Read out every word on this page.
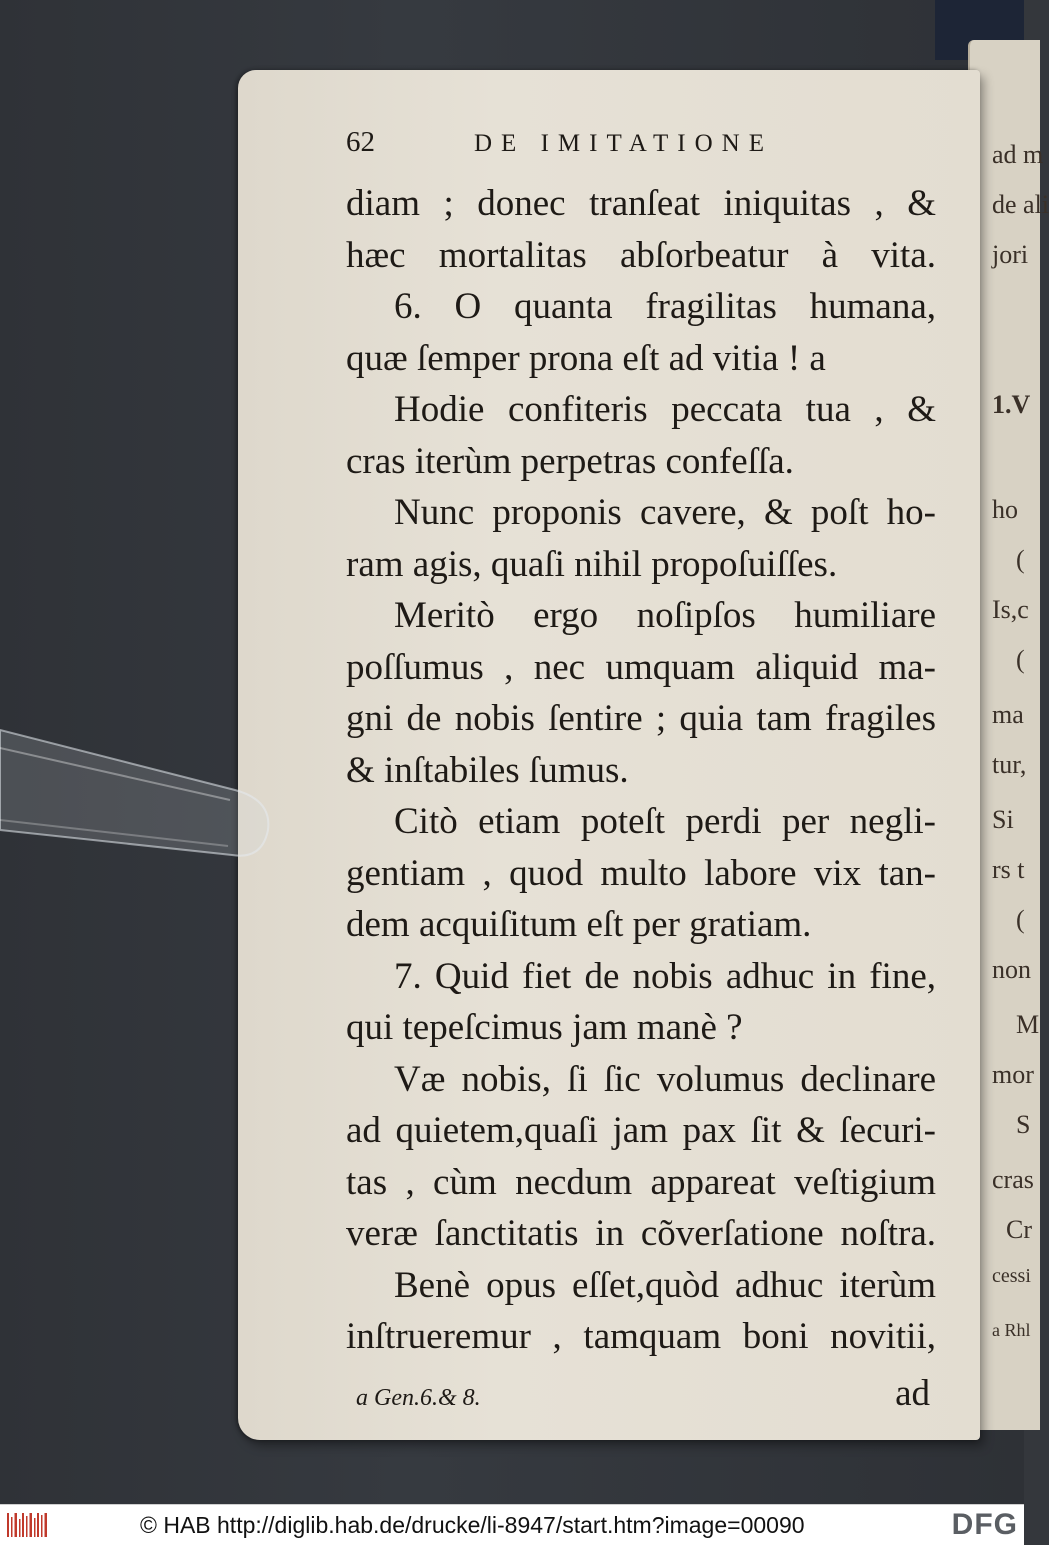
ad m
de ali
jori
1.V
ho
(
Is,c
(
ma
tur,
Si
rs t
(
non
M
mor
S
cras
Cr
cessi
a Rhl
62	DE IMITATIONE
diam ; donec tranſeat iniquitas , &
hæc mortalitas abſorbeatur à vita.
6. O quanta fragilitas humana,
quæ ſemper prona eſt ad vitia ! a
Hodie confiteris peccata tua , &
cras iterùm perpetras confeſſa.
Nunc proponis cavere, & poſt ho-
ram agis, quaſi nihil propoſuiſſes.
Meritò ergo noſipſos humiliare
poſſumus , nec umquam aliquid ma-
gni de nobis ſentire ; quia tam fragiles
& inſtabiles ſumus.
Citò etiam poteſt perdi per negli-
gentiam , quod multo labore vix tan-
dem acquiſitum eſt per gratiam.
7. Quid fiet de nobis adhuc in fine,
qui tepeſcimus jam manè ?
Væ nobis, ſi ſic volumus declinare
ad quietem,quaſi jam pax ſit & ſecuri-
tas , cùm necdum appareat veſtigium
veræ ſanctitatis in cõverſatione noſtra.
Benè opus eſſet,quòd adhuc iterùm
inſtrueremur , tamquam boni novitii,
a Gen.6.& 8.	ad
© HAB http://diglib.hab.de/drucke/li-8947/start.htm?image=00090	DFG
